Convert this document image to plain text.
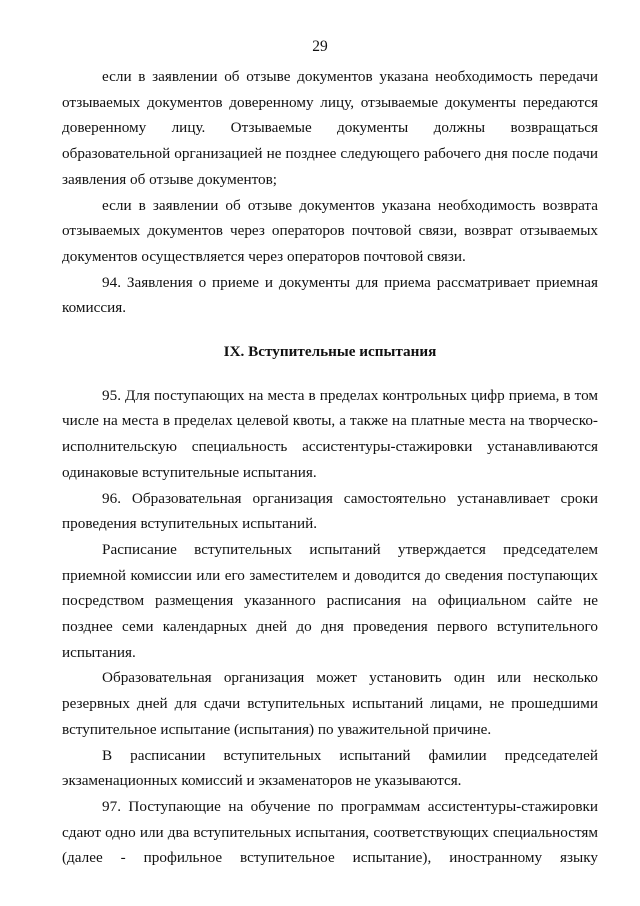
29

если в заявлении об отзыве документов указана необходимость передачи отзываемых документов доверенному лицу, отзываемые документы передаются доверенному лицу. Отзываемые документы должны возвращаться образовательной организацией не позднее следующего рабочего дня после подачи заявления об отзыве документов;

если в заявлении об отзыве документов указана необходимость возврата отзываемых документов через операторов почтовой связи, возврат отзываемых документов осуществляется через операторов почтовой связи.

94. Заявления о приеме и документы для приема рассматривает приемная комиссия.

IX. Вступительные испытания

95. Для поступающих на места в пределах контрольных цифр приема, в том числе на места в пределах целевой квоты, а также на платные места на творческо-исполнительскую специальность ассистентуры-стажировки устанавливаются одинаковые вступительные испытания.

96. Образовательная организация самостоятельно устанавливает сроки проведения вступительных испытаний.

Расписание вступительных испытаний утверждается председателем приемной комиссии или его заместителем и доводится до сведения поступающих посредством размещения указанного расписания на официальном сайте не позднее семи календарных дней до дня проведения первого вступительного испытания.

Образовательная организация может установить один или несколько резервных дней для сдачи вступительных испытаний лицами, не прошедшими вступительное испытание (испытания) по уважительной причине.

В расписании вступительных испытаний фамилии председателей экзаменационных комиссий и экзаменаторов не указываются.

97. Поступающие на обучение по программам ассистентуры-стажировки сдают одно или два вступительных испытания, соответствующих специальностям (далее - профильное вступительное испытание), иностранному языку
